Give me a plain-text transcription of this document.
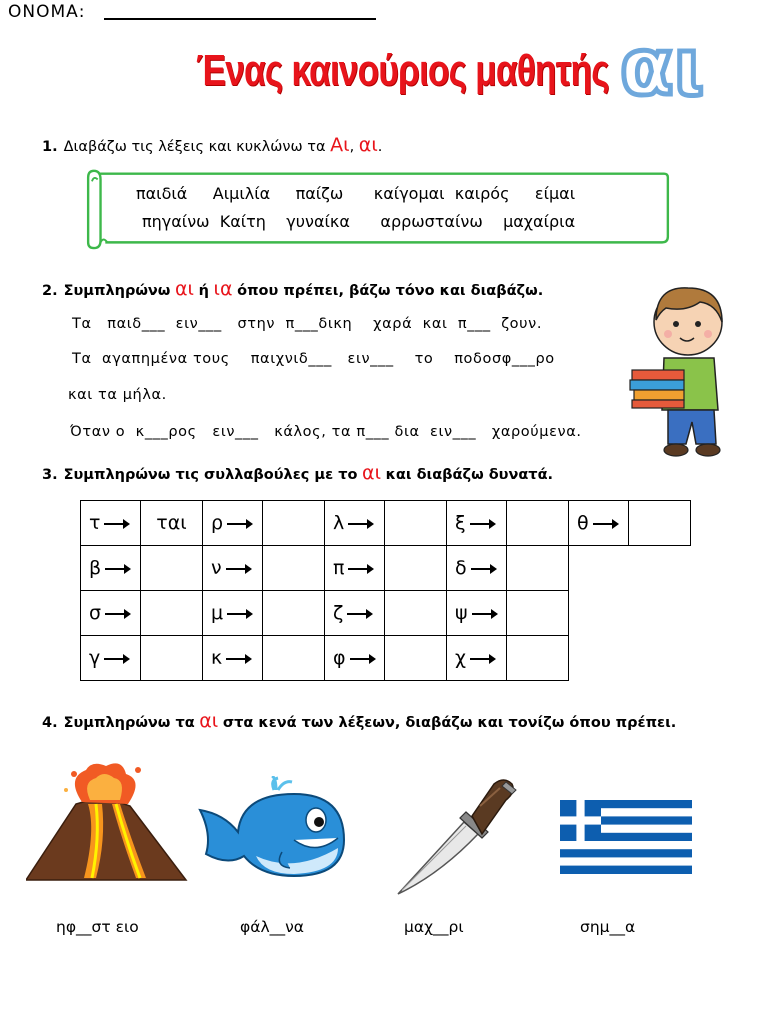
ΟΝΟΜΑ:
Ένας καινούριος μαθητής αι
1. Διαβάζω τις λέξεις και κυκλώνω τα Αι, αι.
παιδιά     Αιμιλία     παίζω      καίγομαι  καιρός     είμαι
πηγαίνω  Καίτη    γυναίκα      αρρωσταίνω    μαχαίρια
2. Συμπληρώνω αι ή ια όπου πρέπει, βάζω τόνο και διαβάζω.
Τα   παιδ___  ειν___   στην  π___δικη    χαρά  και  π___  ζουν.
Τα  αγαπημένα τους    παιχνιδ___   ειν___    το    ποδοσφ___ρο
και τα μήλα.
Όταν ο  κ___ρος   ειν___   κάλος, τα π___ δια  ειν___   χαρούμενα.
3. Συμπληρώνω τις συλλαβούλες με το αι και διαβάζω δυνατά.
τ	ται	ρ		λ		ξ		θ	
β		ν		π		δ			
σ		μ		ζ		ψ			
γ		κ		φ		χ			
4. Συμπληρώνω τα αι στα κενά των λέξεων, διαβάζω και τονίζω όπου πρέπει.
ηφ__στ ειο	φάλ__να	μαχ__ρι	σημ__α
